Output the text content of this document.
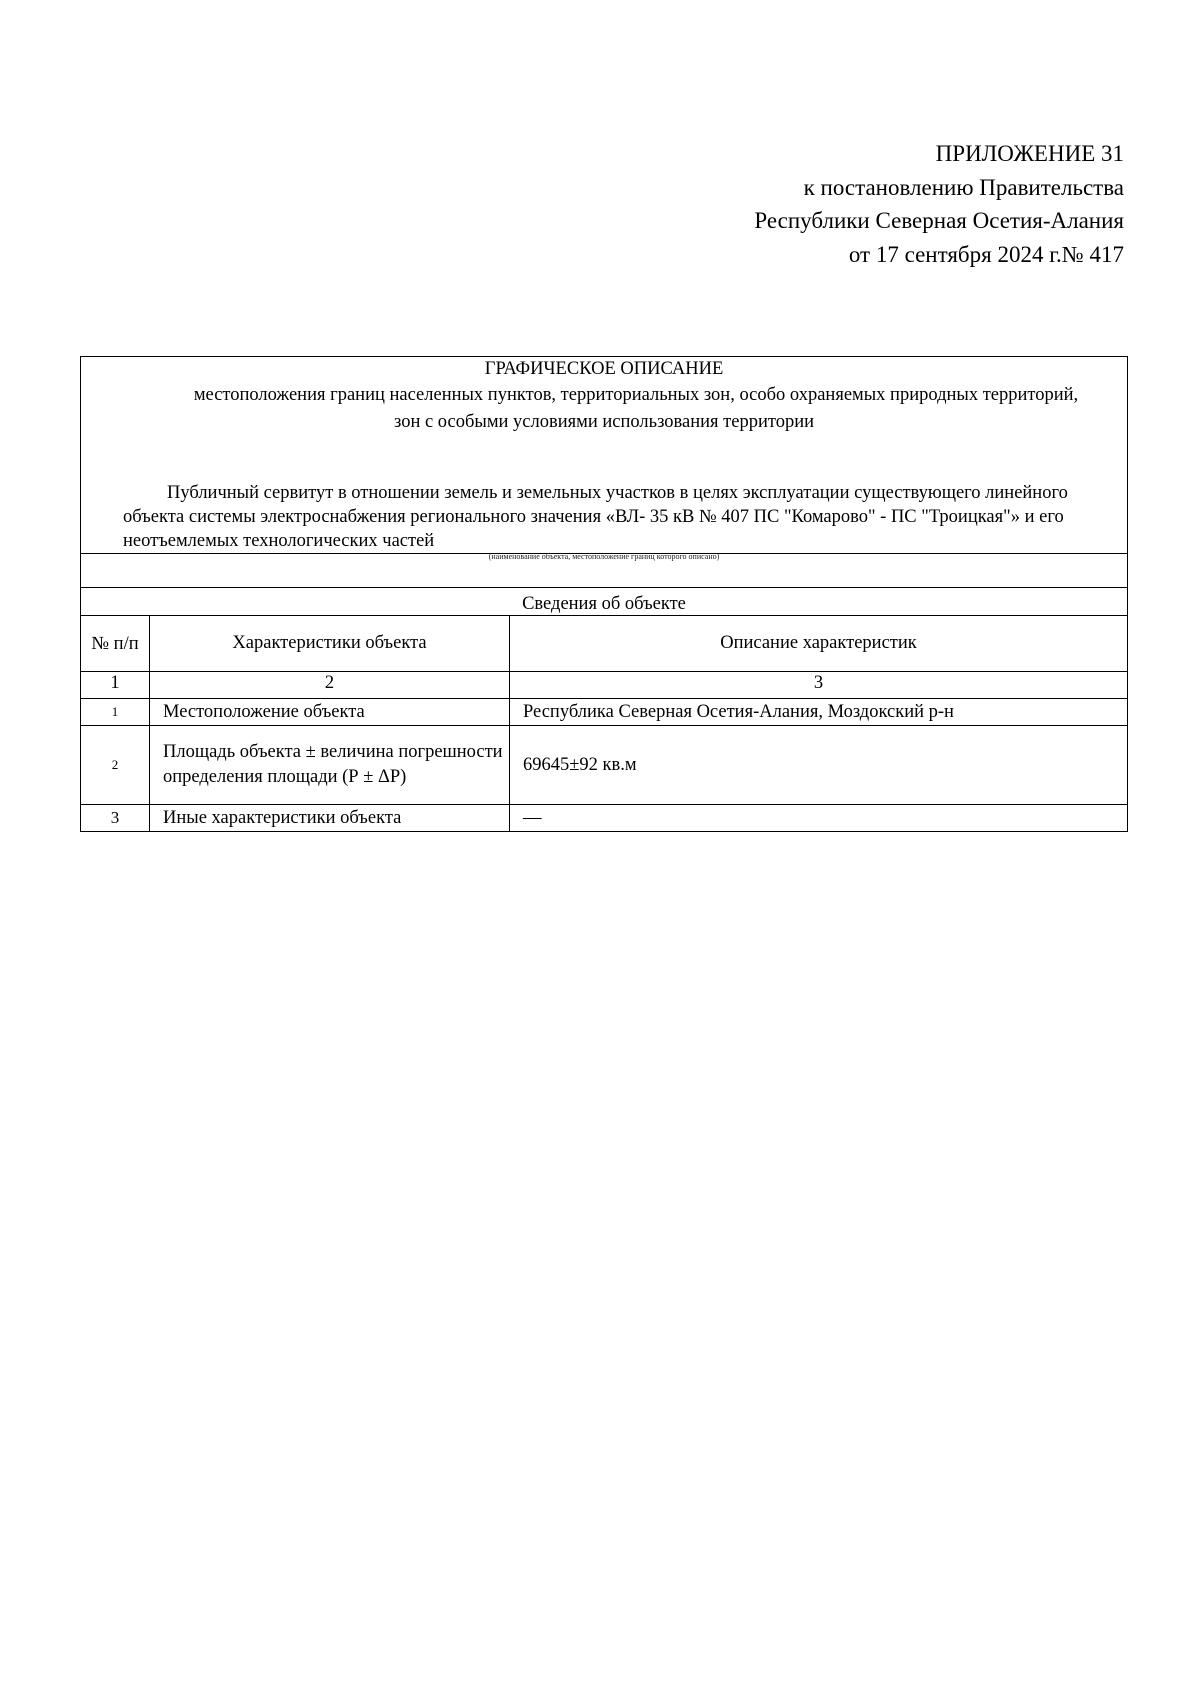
ПРИЛОЖЕНИЕ 31
к постановлению Правительства
Республики Северная Осетия-Алания
от 17 сентября 2024 г.№ 417
ГРАФИЧЕСКОЕ ОПИСАНИЕ
местоположения границ населенных пунктов, территориальных зон, особо охраняемых природных территорий,
зон с особыми условиями использования территории
Публичный сервитут в отношении земель и земельных участков в целях эксплуатации существующего линейного объекта системы электроснабжения регионального значения «ВЛ- 35 кВ № 407 ПС "Комарово" - ПС "Троицкая"» и его неотъемлемых технологических частей
(наименование объекта, местоположение границ которого описано)
Сведения об объекте		
№ п/п	Характеристики объекта	Описание характеристик
1	2	3
1	Местоположение объекта	Республика Северная Осетия-Алания, Моздокский р-н
2	Площадь объекта ± величина погрешности определения площади (Р ± ΔР)	69645±92 кв.м
3	Иные характеристики объекта	—
